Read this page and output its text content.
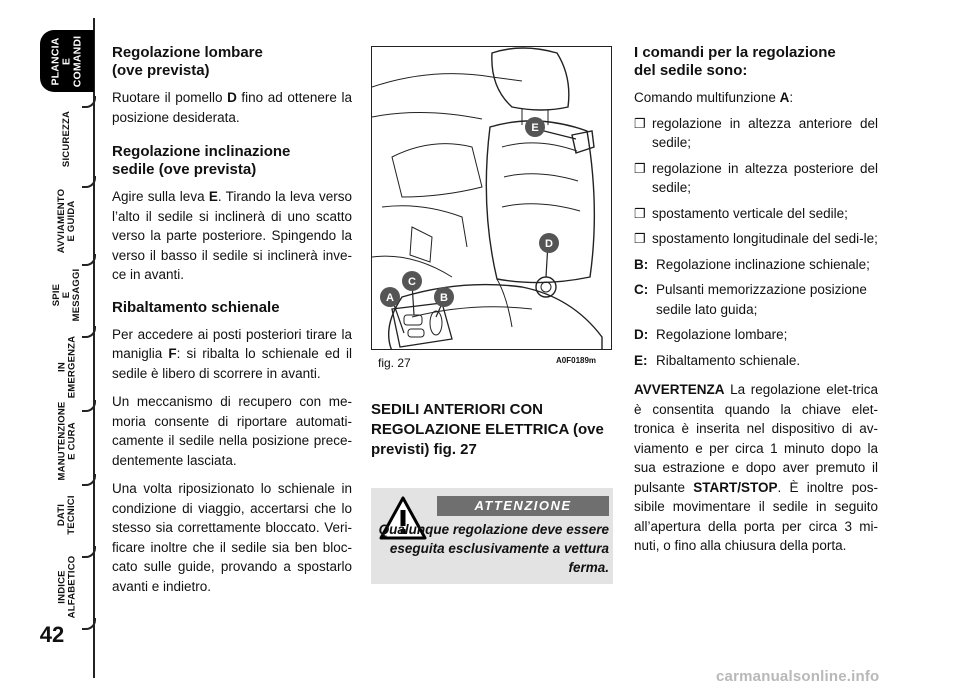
PLANCIA
E COMANDI
SICUREZZA
AVVIAMENTO
E GUIDA
SPIE
E MESSAGGI
IN EMERGENZA
MANUTENZIONE
E CURA
DATI TECNICI
INDICE
ALFABETICO
42
Regolazione lombare
(ove prevista)

Ruotare il pomello D fino ad ottenere la posizione desiderata.

Regolazione inclinazione
sedile (ove prevista)

Agire sulla leva E. Tirando la leva verso l’alto il sedile si inclinerà di uno scatto verso la parte posteriore. Spingendo la verso il basso il sedile si inclinerà inve-ce in avanti.

Ribaltamento schienale

Per accedere ai posti posteriori tirare la maniglia F: si ribalta lo schienale ed il sedile è libero di scorrere in avanti.

Un meccanismo di recupero con me-moria consente di riportare automati-camente il sedile nella posizione prece-dentemente lasciata.

Una volta riposizionato lo schienale in condizione di viaggio, accertarsi che lo stesso sia correttamente bloccato. Veri-ficare inoltre che il sedile sia ben bloc-cato sulle guide, provando a spostarlo avanti e indietro.

E
D
C
A	B
fig. 27	A0F0189m
SEDILI ANTERIORI CON REGOLAZIONE ELETTRICA (ove previsti) fig. 27
ATTENZIONE
Qualunque regolazione deve essere eseguita esclusivamente a vettura ferma.
I comandi per la regolazione
del sedile sono:

Comando multifunzione A:

❒ regolazione in altezza anteriore del sedile;
❒ regolazione in altezza posteriore del sedile;
❒ spostamento verticale del sedile;
❒ spostamento longitudinale del sedi-le;
B: Regolazione inclinazione schienale;
C: Pulsanti memorizzazione posizione sedile lato guida;
D: Regolazione lombare;
E: Ribaltamento schienale.

AVVERTENZA La regolazione elet-trica è consentita quando la chiave elet-tronica è inserita nel dispositivo di av-viamento e per circa 1 minuto dopo la sua estrazione e dopo aver premuto il pulsante START/STOP. È inoltre pos-sibile movimentare il sedile in seguito all’apertura della porta per circa 3 mi-nuti, o fino alla chiusura della porta.

carmanualsonline.info
